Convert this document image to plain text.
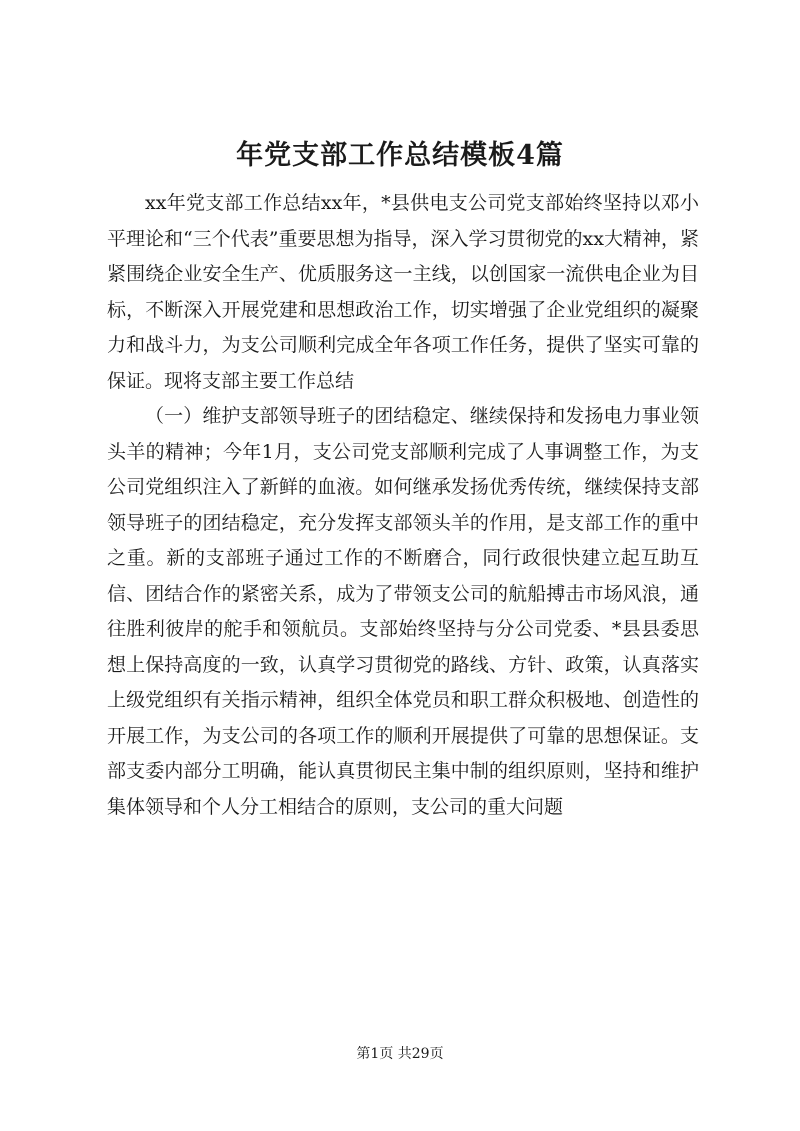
年党支部工作总结模板4篇

xx年党支部工作总结xx年，*县供电支公司党支部始终坚持以邓小平理论和“三个代表”重要思想为指导，深入学习贯彻党的xx大精神，紧紧围绕企业安全生产、优质服务这一主线，以创国家一流供电企业为目标，不断深入开展党建和思想政治工作，切实增强了企业党组织的凝聚力和战斗力，为支公司顺利完成全年各项工作任务，提供了坚实可靠的保证。现将支部主要工作总结

（一）维护支部领导班子的团结稳定、继续保持和发扬电力事业领头羊的精神；今年1月，支公司党支部顺利完成了人事调整工作，为支公司党组织注入了新鲜的血液。如何继承发扬优秀传统，继续保持支部领导班子的团结稳定，充分发挥支部领头羊的作用，是支部工作的重中之重。新的支部班子通过工作的不断磨合，同行政很快建立起互助互信、团结合作的紧密关系，成为了带领支公司的航船搏击市场风浪，通往胜利彼岸的舵手和领航员。支部始终坚持与分公司党委、*县县委思想上保持高度的一致，认真学习贯彻党的路线、方针、政策，认真落实上级党组织有关指示精神，组织全体党员和职工群众积极地、创造性的开展工作，为支公司的各项工作的顺利开展提供了可靠的思想保证。支部支委内部分工明确，能认真贯彻民主集中制的组织原则，坚持和维护集体领导和个人分工相结合的原则，支公司的重大问题

第1页 共29页
